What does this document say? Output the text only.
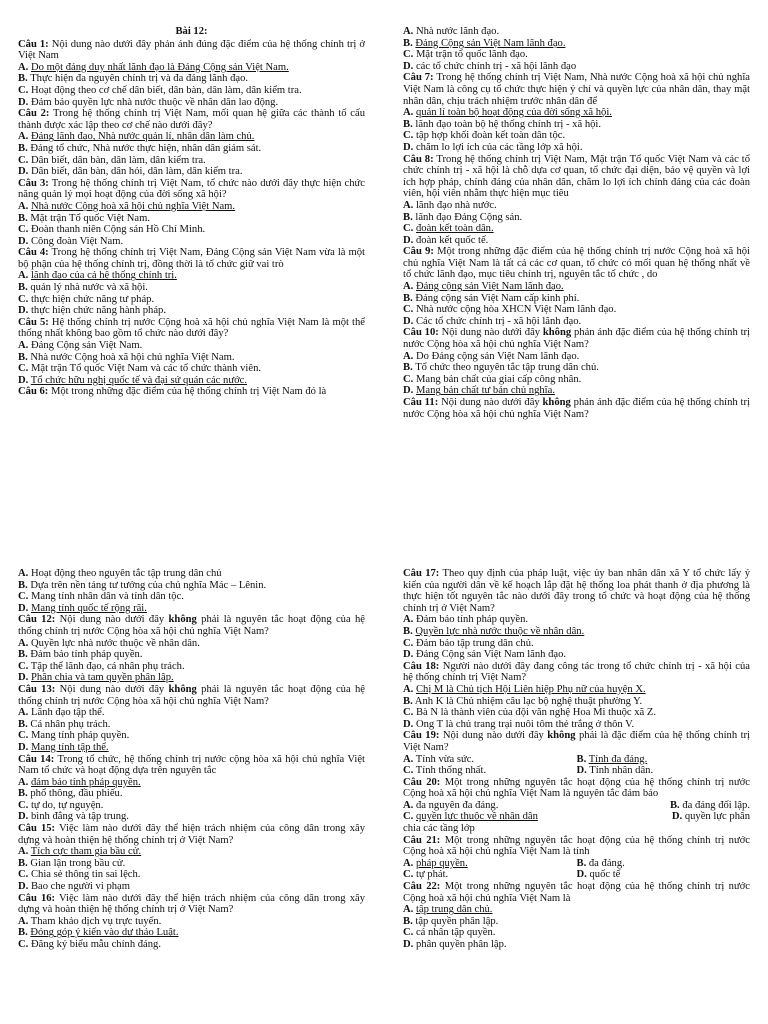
Bài 12:
Câu 1: Nội dung nào dưới đây phản ánh đúng đặc điểm của hệ thống chính trị ở Việt Nam
A. Do một đảng duy nhất lãnh đạo là Đảng Cộng sản Việt Nam.
B. Thực hiện đa nguyên chính trị và đa đảng lãnh đạo.
C. Hoạt động theo cơ chế dân biết, dân bàn, dân làm, dân kiểm tra.
D. Đảm bảo quyền lực nhà nước thuộc về nhân dân lao động.
Câu 2: Trong hệ thống chính trị Việt Nam, mối quan hệ giữa các thành tố cấu thành được xác lập theo cơ chế nào dưới đây?
A. Đảng lãnh đạo, Nhà nước quản lí, nhân dân làm chủ.
B. Đảng tổ chức, Nhà nước thực hiện, nhân dân giám sát.
C. Dân biết, dân bàn, dân làm, dân kiểm tra.
D. Dân biết, dân bàn, dân hỏi, dân làm, dân kiểm tra.
Câu 3: Trong hệ thống chính trị Việt Nam, tổ chức nào dưới đây thực hiện chức năng quản lý mọi hoạt động của đời sống xã hội?
A. Nhà nước Cộng hoà xã hội chủ nghĩa Việt Nam.
B. Mặt trận Tổ quốc Việt Nam.
C. Đoàn thanh niên Cộng sản Hồ Chí Minh.
D. Công đoàn Việt Nam.
Câu 4: Trong hệ thống chính trị Việt Nam, Đảng Cộng sản Việt Nam vừa là một bộ phận của hệ thống chính trị, đồng thời là tổ chức giữ vai trò
A. lãnh đạo của cả hệ thống chính trị.
B. quản lý nhà nước và xã hội.
C. thực hiện chức năng tư pháp.
D. thực hiện chức năng hành pháp.
Câu 5: Hệ thống chính trị nước Cộng hoà xã hội chủ nghĩa Việt Nam là một thể thống nhất không bao gồm tổ chức nào dưới đây?
A. Đảng Cộng sản Việt Nam.
B. Nhà nước Cộng hoà xã hội chủ nghĩa Việt Nam.
C. Mặt trận Tổ quốc Việt Nam và các tổ chức thành viên.
D. Tổ chức hữu nghị quốc tế và đại sứ quán các nước.
Câu 6: Một trong những đặc điểm của hệ thống chính trị Việt Nam đó là
A. Nhà nước lãnh đạo.
B. Đảng Cộng sản Việt Nam lãnh đạo.
C. Mặt trận tổ quốc lãnh đạo.
D. các tổ chức chính trị - xã hội lãnh đạo
Câu 7: Trong hệ thống chính trị Việt Nam, Nhà nước Cộng hoà xã hội chủ nghĩa Việt Nam là công cụ tổ chức thực hiện ý chí và quyền lực của nhân dân, thay mặt nhân dân, chịu trách nhiệm trước nhân dân để
A. quản lí toàn bộ hoạt động của đời sống xã hội.
B. lãnh đạo toàn bộ hệ thống chính trị - xã hội.
C. tập hợp khối đoàn kết toàn dân tộc.
D. chăm lo lợi ích của các tầng lớp xã hội.
Câu 8: Trong hệ thống chính trị Việt Nam, Mặt trận Tổ quốc Việt Nam và các tổ chức chính trị - xã hội là chỗ dựa cơ quan, tổ chức đại diện, bảo vệ quyền và lợi ích hợp pháp, chính đáng của nhân dân, chăm lo lợi ích chính đáng của các đoàn viên, hội viên nhằm thực hiện mục tiêu
A. lãnh đạo nhà nước.
B. lãnh đạo Đảng Cộng sản.
C. đoàn kết toàn dân.
D. đoàn kết quốc tế.
Câu 9: Một trong những đặc điểm của hệ thống chính trị nước Cộng hoà xã hội chủ nghĩa Việt Nam là tất cả các cơ quan, tổ chức có mối quan hệ thống nhất về tổ chức lãnh đạo, mục tiêu chính trị, nguyên tắc tổ chức , do
A. Đảng cộng sản Việt Nam lãnh đạo.
B. Đảng cộng sản Việt Nam cấp kinh phí.
C. Nhà nước cộng hòa XHCN Việt Nam lãnh đạo.
D. Các tổ chức chính trị - xã hội lãnh đạo.
Câu 10: Nội dung nào dưới đây không phản ánh đặc điểm của hệ thống chính trị nước Cộng hòa xã hội chủ nghĩa Việt Nam?
A. Do Đảng cộng sản Việt Nam lãnh đạo.
B. Tổ chức theo nguyên tắc tập trung dân chủ.
C. Mang bản chất của giai cấp công nhân.
D. Mang bản chất tư bản chủ nghĩa.
Câu 11: Nội dung nào dưới đây không phản ánh đặc điểm của hệ thống chính trị nước Cộng hòa xã hội chủ nghĩa Việt Nam?
A. Hoạt động theo nguyên tắc tập trung dân chủ
B. Dựa trên nền tảng tư tưởng của chủ nghĩa Mác – Lênin.
C. Mang tính nhân dân và tính dân tộc.
D. Mang tính quốc tế rộng rãi.
Câu 12: Nội dung nào dưới đây không phải là nguyên tắc hoạt động của hệ thống chính trị nước Cộng hòa xã hội chủ nghĩa Việt Nam?
A. Quyền lực nhà nước thuộc về nhân dân.
B. Đảm bảo tính pháp quyền.
C. Tập thể lãnh đạo, cá nhân phụ trách.
D. Phân chia và tam quyền phân lập.
Câu 13: Nội dung nào dưới đây không phải là nguyên tắc hoạt động của hệ thống chính trị nước Cộng hòa xã hội chủ nghĩa Việt Nam?
A. Lãnh đạo tập thể.
B. Cá nhân phụ trách.
C. Mang tính pháp quyền.
D. Mang tính tập thể.
Câu 14: Trong tổ chức, hệ thống chính trị nước cộng hòa xã hội chủ nghĩa Việt Nam tổ chức và hoạt động dựa trên nguyên tắc
A. đảm bảo tính pháp quyền.
B. phổ thông, đầu phiếu.
C. tự do, tự nguyện.
D. bình đẳng và tập trung.
Câu 15: Việc làm nào dưới đây thể hiện trách nhiệm của công dân trong xây dựng và hoàn thiện hệ thống chính trị ở Việt Nam?
A. Tích cực tham gia bầu cử.
B. Gian lận trong bầu cử.
C. Chia sẻ thông tin sai lệch.
D. Bao che người vi phạm
Câu 16: Việc làm nào dưới đây thể hiện trách nhiệm của công dân trong xây dựng và hoàn thiện hệ thống chính trị ở Việt Nam?
A. Tham khảo dịch vụ trực tuyến.
B. Đóng góp ý kiến vào dự thảo Luật.
C. Đăng ký biểu mẫu chính đáng.
Câu 17: Theo quy định của pháp luật, việc ủy ban nhân dân xã Y tổ chức lấy ý kiến của người dân về kế hoạch lắp đặt hệ thống loa phát thanh ở địa phương là thực hiện tốt nguyên tắc nào dưới đây trong tổ chức và hoạt động của hệ thống chính trị ở Việt Nam?
A. Đảm bảo tính pháp quyền.
B. Quyền lực nhà nước thuộc về nhân dân.
C. Đảm bảo tập trung dân chủ.
D. Đảng Cộng sản Việt Nam lãnh đạo.
Câu 18: Người nào dưới đây đang công tác trong tổ chức chính trị - xã hội của hệ thống chính trị Việt Nam?
A. Chị M là Chủ tịch Hội Liên hiệp Phụ nữ của huyện X.
B. Anh K là Chủ nhiệm câu lạc bộ nghệ thuật phường Y.
C. Bà N là thành viên của đội văn nghệ Hoa Mi thuộc xã Z.
D. Ông T là chủ trang trại nuôi tôm thẻ trắng ở thôn V.
Câu 19: Nội dung nào dưới đây không phải là đặc điểm của hệ thống chính trị Việt Nam?
A. Tính vừa sức.	B. Tính đa đảng.
C. Tính thống nhất.	D. Tính nhân dân.
Câu 20: Một trong những nguyên tắc hoạt động của hệ thống chính trị nước Cộng hoà xã hội chủ nghĩa Việt Nam là nguyên tắc đảm bảo
A. đa nguyên đa đảng.	B. đa đảng đối lập.
C. quyền lực thuộc về nhân dân	D. quyền lực phân
chia các tầng lớp
Câu 21: Một trong những nguyên tắc hoạt động của hệ thống chính trị nước Cộng hoà xã hội chủ nghĩa Việt Nam là tính
A. pháp quyền.	B. đa đảng.
C. tự phát.	D. quốc tế
Câu 22: Một trong những nguyên tắc hoạt động của hệ thống chính trị nước Cộng hoà xã hội chủ nghĩa Việt Nam là
A. tập trung dân chủ.
B. tập quyền phân lập.
C. cá nhân tập quyền.
D. phân quyền phân lập.
